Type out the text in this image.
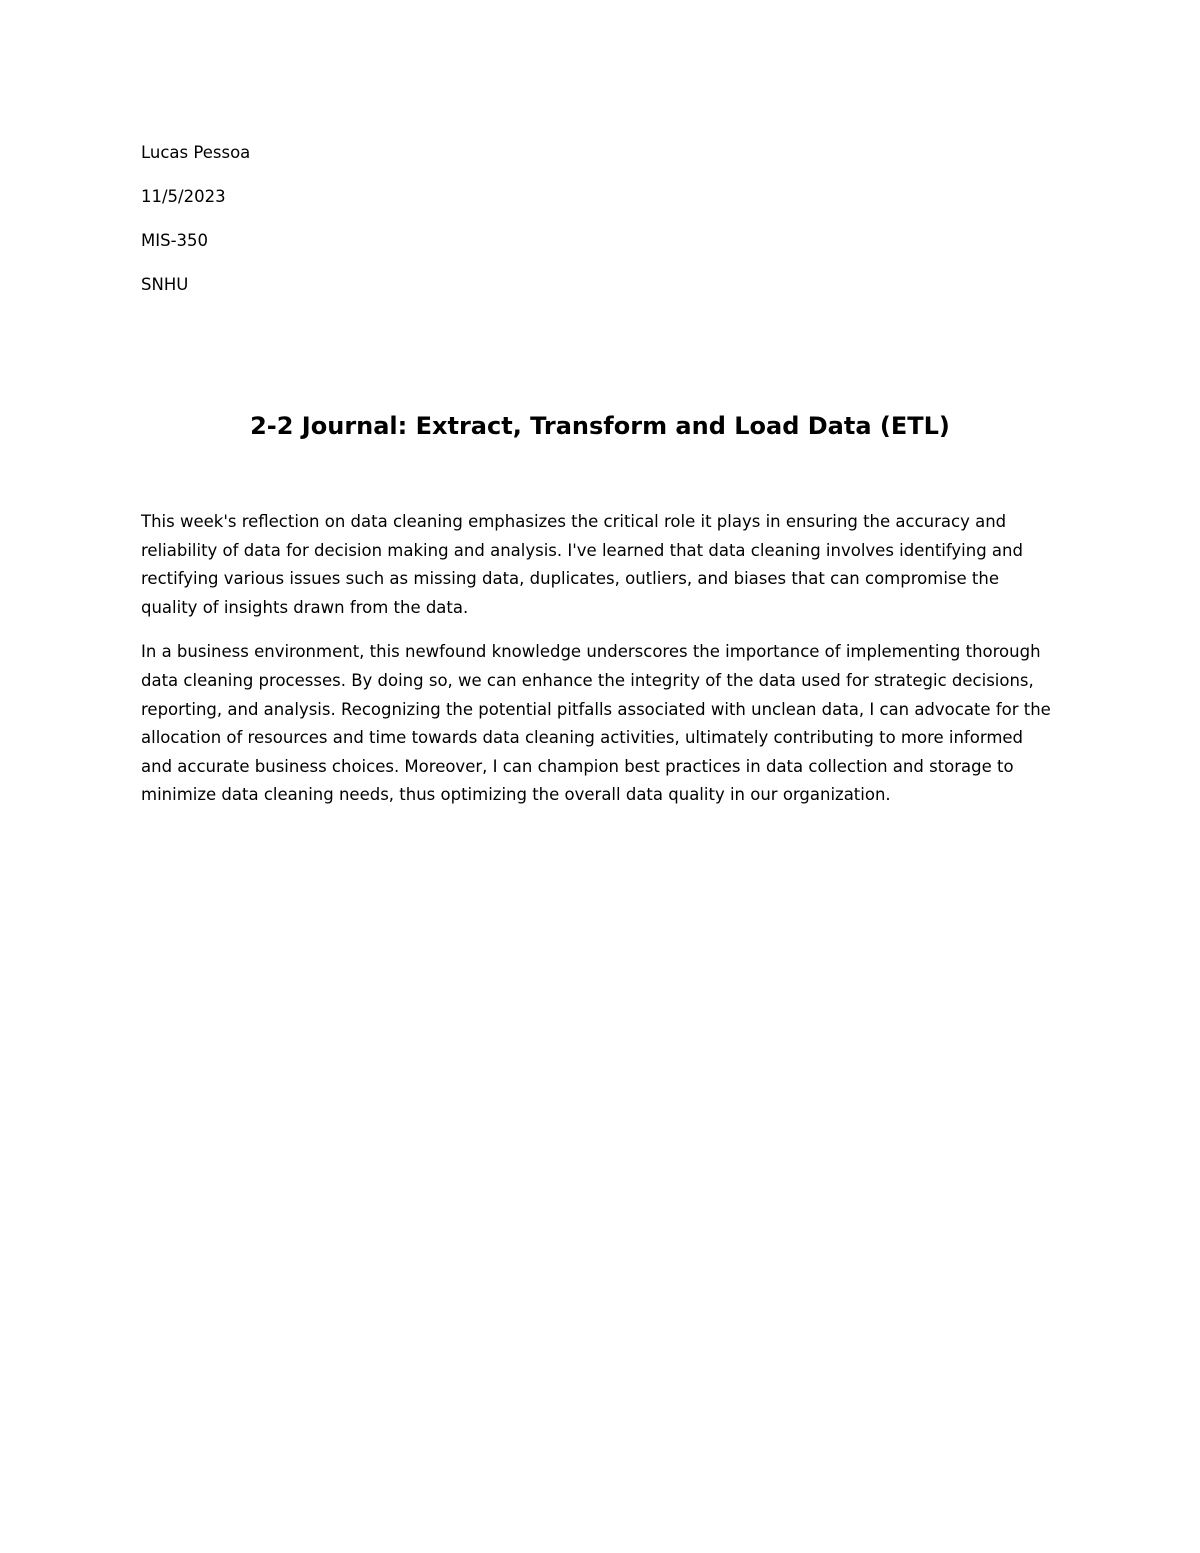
Lucas Pessoa
11/5/2023
MIS-350
SNHU
2-2 Journal: Extract, Transform and Load Data (ETL)

This week's reflection on data cleaning emphasizes the critical role it plays in ensuring the accuracy and reliability of data for decision making and analysis. I've learned that data cleaning involves identifying and rectifying various issues such as missing data, duplicates, outliers, and biases that can compromise the quality of insights drawn from the data.

In a business environment, this newfound knowledge underscores the importance of implementing thorough data cleaning processes. By doing so, we can enhance the integrity of the data used for strategic decisions, reporting, and analysis. Recognizing the potential pitfalls associated with unclean data, I can advocate for the allocation of resources and time towards data cleaning activities, ultimately contributing to more informed and accurate business choices. Moreover, I can champion best practices in data collection and storage to minimize data cleaning needs, thus optimizing the overall data quality in our organization.
